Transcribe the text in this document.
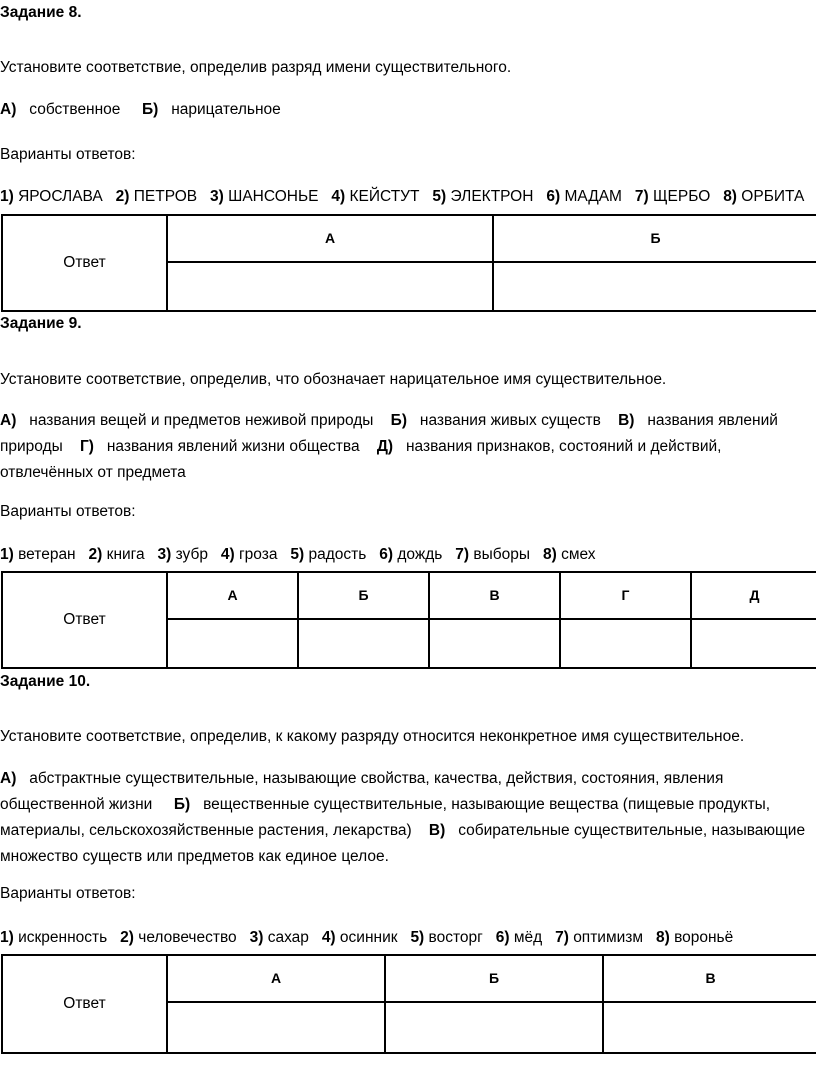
Задание 8.

Установите соответствие, определив разряд имени существительного.

А) собственное Б) нарицательное

Варианты ответов:

1) ЯРОСЛАВА 2) ПЕТРОВ 3) ШАНСОНЬЕ 4) КЕЙСТУТ 5) ЭЛЕКТРОН 6) МАДАМ 7) ЩЕРБО 8) ОРБИТА

Ответ	А	Б

Задание 9.

Установите соответствие, определив, что обозначает нарицательное имя существительное.

А) названия вещей и предметов неживой природы Б) названия живых существ В) названия явлений природы Г) названия явлений жизни общества Д) названия признаков, состояний и действий, отвлечённых от предмета

Варианты ответов:

1) ветеран 2) книга 3) зубр 4) гроза 5) радость 6) дождь 7) выборы 8) смех

Ответ	А	Б	В	Г	Д

Задание 10.

Установите соответствие, определив, к какому разряду относится неконкретное имя существительное.

А) абстрактные существительные, называющие свойства, качества, действия, состояния, явления общественной жизни Б) вещественные существительные, называющие вещества (пищевые продукты, материалы, сельскохозяйственные растения, лекарства) В) собирательные существительные, называющие множество существ или предметов как единое целое.

Варианты ответов:

1) искренность 2) человечество 3) сахар 4) осинник 5) восторг 6) мёд 7) оптимизм 8) вороньё

Ответ	А	Б	В
